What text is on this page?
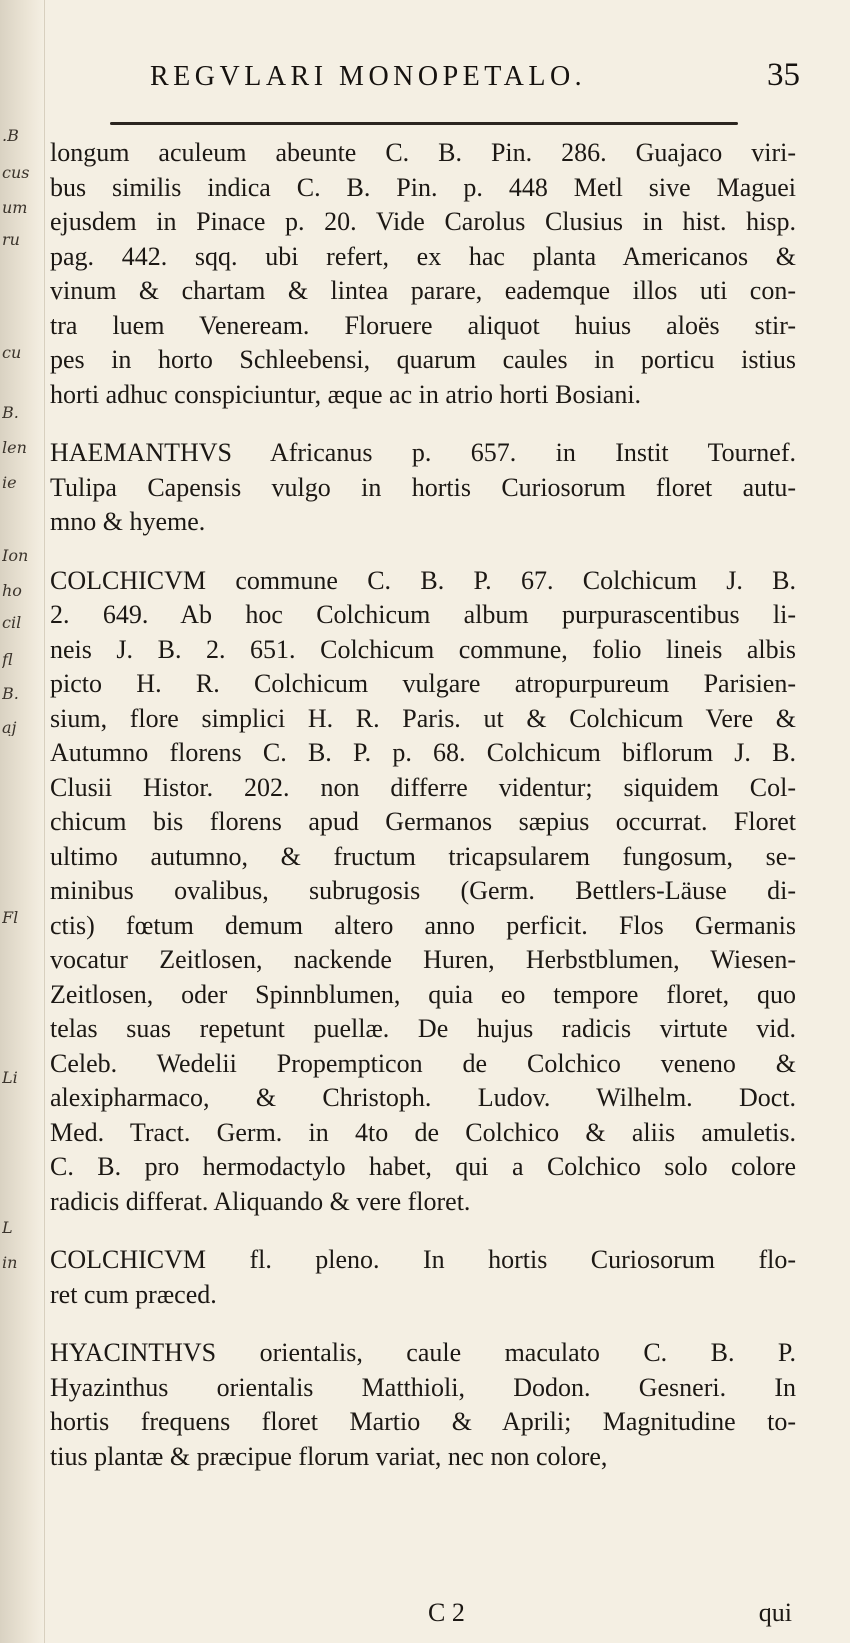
.B
cus
um
ru
cu
B.
len
ie
Ion
ho
cil
fl
B.
aj
Fl
Li
L
in
REGVLARI MONOPETALO.	35
longum aculeum abeunte C. B. Pin. 286. Guajaco viri-
bus similis indica C. B. Pin. p. 448 Metl sive Maguei
ejusdem in Pinace p. 20. Vide Carolus Clusius in hist. hisp.
pag. 442. sqq. ubi refert, ex hac planta Americanos &
vinum & chartam & lintea parare, eademque illos uti con-
tra luem Veneream. Floruere aliquot huius aloës stir-
pes in horto Schleebensi, quarum caules in porticu istius
horti adhuc conspiciuntur, æque ac in atrio horti Bosiani.
HAEMANTHVS Africanus p. 657. in Instit Tournef.
Tulipa Capensis vulgo in hortis Curiosorum floret autu-
mno & hyeme.
COLCHICVM commune C. B. P. 67. Colchicum J. B.
2. 649. Ab hoc Colchicum album purpurascentibus li-
neis J. B. 2. 651. Colchicum commune, folio lineis albis
picto H. R. Colchicum vulgare atropurpureum Parisien-
sium, flore simplici H. R. Paris. ut & Colchicum Vere &
Autumno florens C. B. P. p. 68. Colchicum biflorum J. B.
Clusii Histor. 202. non differre videntur; siquidem Col-
chicum bis florens apud Germanos sæpius occurrat. Floret
ultimo autumno, & fructum tricapsularem fungosum, se-
minibus ovalibus, subrugosis (Germ. Bettlers-Läuse di-
ctis) fœtum demum altero anno perficit. Flos Germanis
vocatur Zeitlosen, nackende Huren, Herbstblumen, Wiesen-
Zeitlosen, oder Spinnblumen, quia eo tempore floret, quo
telas suas repetunt puellæ. De hujus radicis virtute vid.
Celeb. Wedelii Propempticon de Colchico veneno &
alexipharmaco, & Christoph. Ludov. Wilhelm. Doct.
Med. Tract. Germ. in 4to de Colchico & aliis amuletis.
C. B. pro hermodactylo habet, qui a Colchico solo colore
radicis differat. Aliquando & vere floret.
COLCHICVM fl. pleno. In hortis Curiosorum flo-
ret cum præced.
HYACINTHVS orientalis, caule maculato C. B. P.
Hyazinthus orientalis Matthioli, Dodon. Gesneri. In
hortis frequens floret Martio & Aprili; Magnitudine to-
tius plantæ & præcipue florum variat, nec non colore,
C 2	qui
